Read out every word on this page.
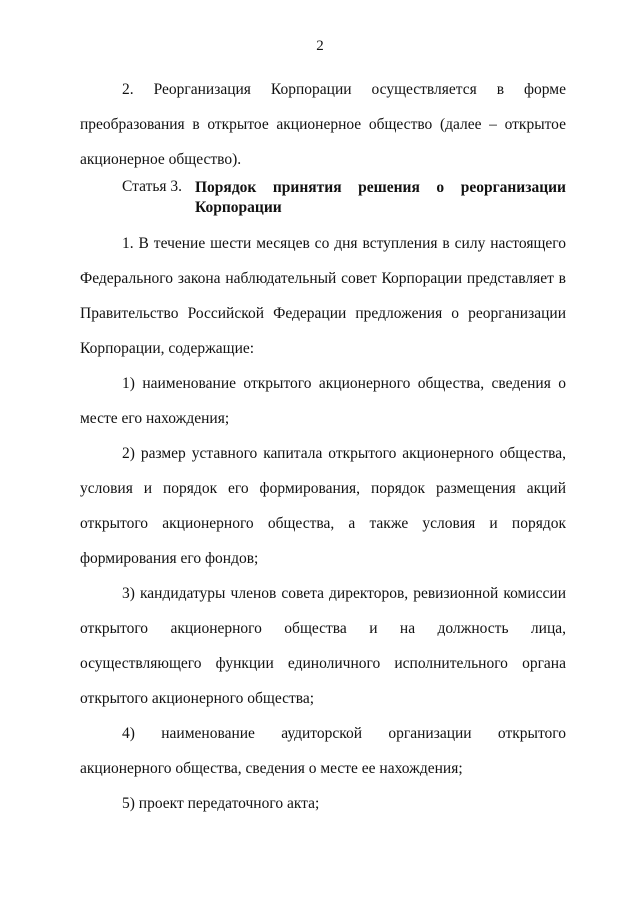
2
2. Реорганизация Корпорации осуществляется в форме
преобразования в открытое акционерное общество (далее – открытое
акционерное общество).
Статья 3. Порядок принятия решения о реорганизации
Корпорации
1. В течение шести месяцев со дня вступления в силу настоящего
Федерального закона наблюдательный совет Корпорации представляет в
Правительство Российской Федерации предложения о реорганизации
Корпорации, содержащие:
1) наименование открытого акционерного общества, сведения о
месте его нахождения;
2) размер уставного капитала открытого акционерного общества,
условия и порядок его формирования, порядок размещения акций
открытого акционерного общества, а также условия и порядок
формирования его фондов;
3) кандидатуры членов совета директоров, ревизионной комиссии
открытого акционерного общества и на должность лица,
осуществляющего функции единоличного исполнительного органа
открытого акционерного общества;
4) наименование аудиторской организации открытого
акционерного общества, сведения о месте ее нахождения;
5) проект передаточного акта;
